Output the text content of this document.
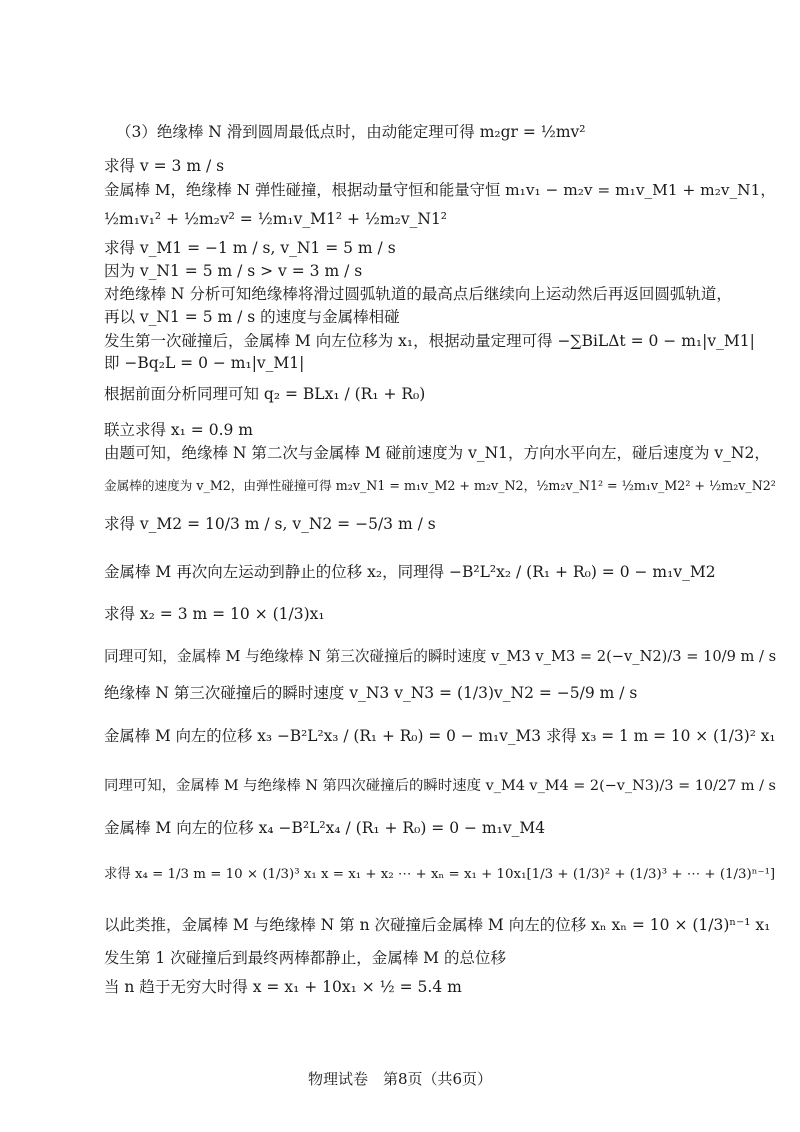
（3）绝缘棒 N 滑到圆周最低点时，由动能定理可得 m₂gr = ½mv²
求得 v = 3 m / s
金属棒 M，绝缘棒 N 弹性碰撞，根据动量守恒和能量守恒 m₁v₁ − m₂v = m₁v_M1 + m₂v_N1，
½m₁v₁² + ½m₂v² = ½m₁v_M1² + ½m₂v_N1²
求得 v_M1 = −1 m / s, v_N1 = 5 m / s
因为 v_N1 = 5 m / s > v = 3 m / s
对绝缘棒 N 分析可知绝缘棒将滑过圆弧轨道的最高点后继续向上运动然后再返回圆弧轨道，
再以 v_N1 = 5 m / s 的速度与金属棒相碰
发生第一次碰撞后，金属棒 M 向左位移为 x₁，根据动量定理可得 −∑BiLΔt = 0 − m₁|v_M1|
即 −Bq₂L = 0 − m₁|v_M1|
根据前面分析同理可知 q₂ = BLx₁ / (R₁ + R₀)
联立求得 x₁ = 0.9 m
由题可知，绝缘棒 N 第二次与金属棒 M 碰前速度为 v_N1，方向水平向左，碰后速度为 v_N2，
金属棒的速度为 v_M2，由弹性碰撞可得 m₂v_N1 = m₁v_M2 + m₂v_N2，½m₂v_N1² = ½m₁v_M2² + ½m₂v_N2²
求得 v_M2 = 10/3 m / s, v_N2 = −5/3 m / s
金属棒 M 再次向左运动到静止的位移 x₂，同理得 −B²L²x₂ / (R₁ + R₀) = 0 − m₁v_M2
求得 x₂ = 3 m = 10 × (1/3)x₁
同理可知，金属棒 M 与绝缘棒 N 第三次碰撞后的瞬时速度 v_M3 v_M3 = 2(−v_N2)/3 = 10/9 m / s
绝缘棒 N 第三次碰撞后的瞬时速度 v_N3 v_N3 = (1/3)v_N2 = −5/9 m / s
金属棒 M 向左的位移 x₃ −B²L²x₃ / (R₁ + R₀) = 0 − m₁v_M3 求得 x₃ = 1 m = 10 × (1/3)² x₁
同理可知，金属棒 M 与绝缘棒 N 第四次碰撞后的瞬时速度 v_M4 v_M4 = 2(−v_N3)/3 = 10/27 m / s
金属棒 M 向左的位移 x₄ −B²L²x₄ / (R₁ + R₀) = 0 − m₁v_M4
求得 x₄ = 1/3 m = 10 × (1/3)³ x₁ x = x₁ + x₂ ⋯ + xₙ = x₁ + 10x₁[1/3 + (1/3)² + (1/3)³ + ⋯ + (1/3)ⁿ⁻¹]
以此类推，金属棒 M 与绝缘棒 N 第 n 次碰撞后金属棒 M 向左的位移 xₙ xₙ = 10 × (1/3)ⁿ⁻¹ x₁
发生第 1 次碰撞后到最终两棒都静止，金属棒 M 的总位移
当 n 趋于无穷大时得 x = x₁ + 10x₁ × ½ = 5.4 m
物理试卷　第8页（共6页）
